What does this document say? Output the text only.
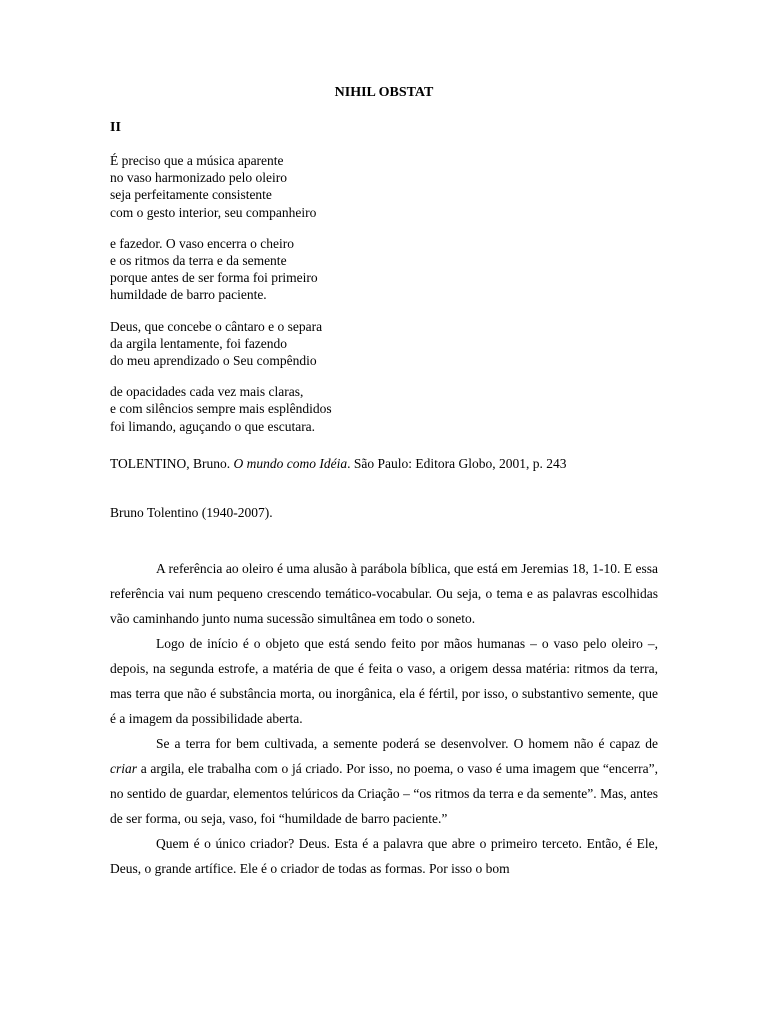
NIHIL OBSTAT
II
É preciso que a música aparente
no vaso harmonizado pelo oleiro
seja perfeitamente consistente
com o gesto interior, seu companheiro
e fazedor. O vaso encerra o cheiro
e os ritmos da terra e da semente
porque antes de ser forma foi primeiro
humildade de barro paciente.
Deus, que concebe o cântaro e o separa
da argila lentamente, foi fazendo
do meu aprendizado o Seu compêndio
de opacidades cada vez mais claras,
e com silêncios sempre mais esplêndidos
foi limando, aguçando o que escutara.
TOLENTINO, Bruno. O mundo como Idéia. São Paulo: Editora Globo, 2001, p. 243
Bruno Tolentino (1940-2007).

A referência ao oleiro é uma alusão à parábola bíblica, que está em Jeremias 18, 1-10. E essa referência vai num pequeno crescendo temático-vocabular. Ou seja, o tema e as palavras escolhidas vão caminhando junto numa sucessão simultânea em todo o soneto.

Logo de início é o objeto que está sendo feito por mãos humanas – o vaso pelo oleiro –, depois, na segunda estrofe, a matéria de que é feita o vaso, a origem dessa matéria: ritmos da terra, mas terra que não é substância morta, ou inorgânica, ela é fértil, por isso, o substantivo semente, que é a imagem da possibilidade aberta.

Se a terra for bem cultivada, a semente poderá se desenvolver. O homem não é capaz de criar a argila, ele trabalha com o já criado. Por isso, no poema, o vaso é uma imagem que “encerra”, no sentido de guardar, elementos telúricos da Criação – “os ritmos da terra e da semente”. Mas, antes de ser forma, ou seja, vaso, foi “humildade de barro paciente.”

Quem é o único criador? Deus. Esta é a palavra que abre o primeiro terceto. Então, é Ele, Deus, o grande artífice. Ele é o criador de todas as formas. Por isso o bom
